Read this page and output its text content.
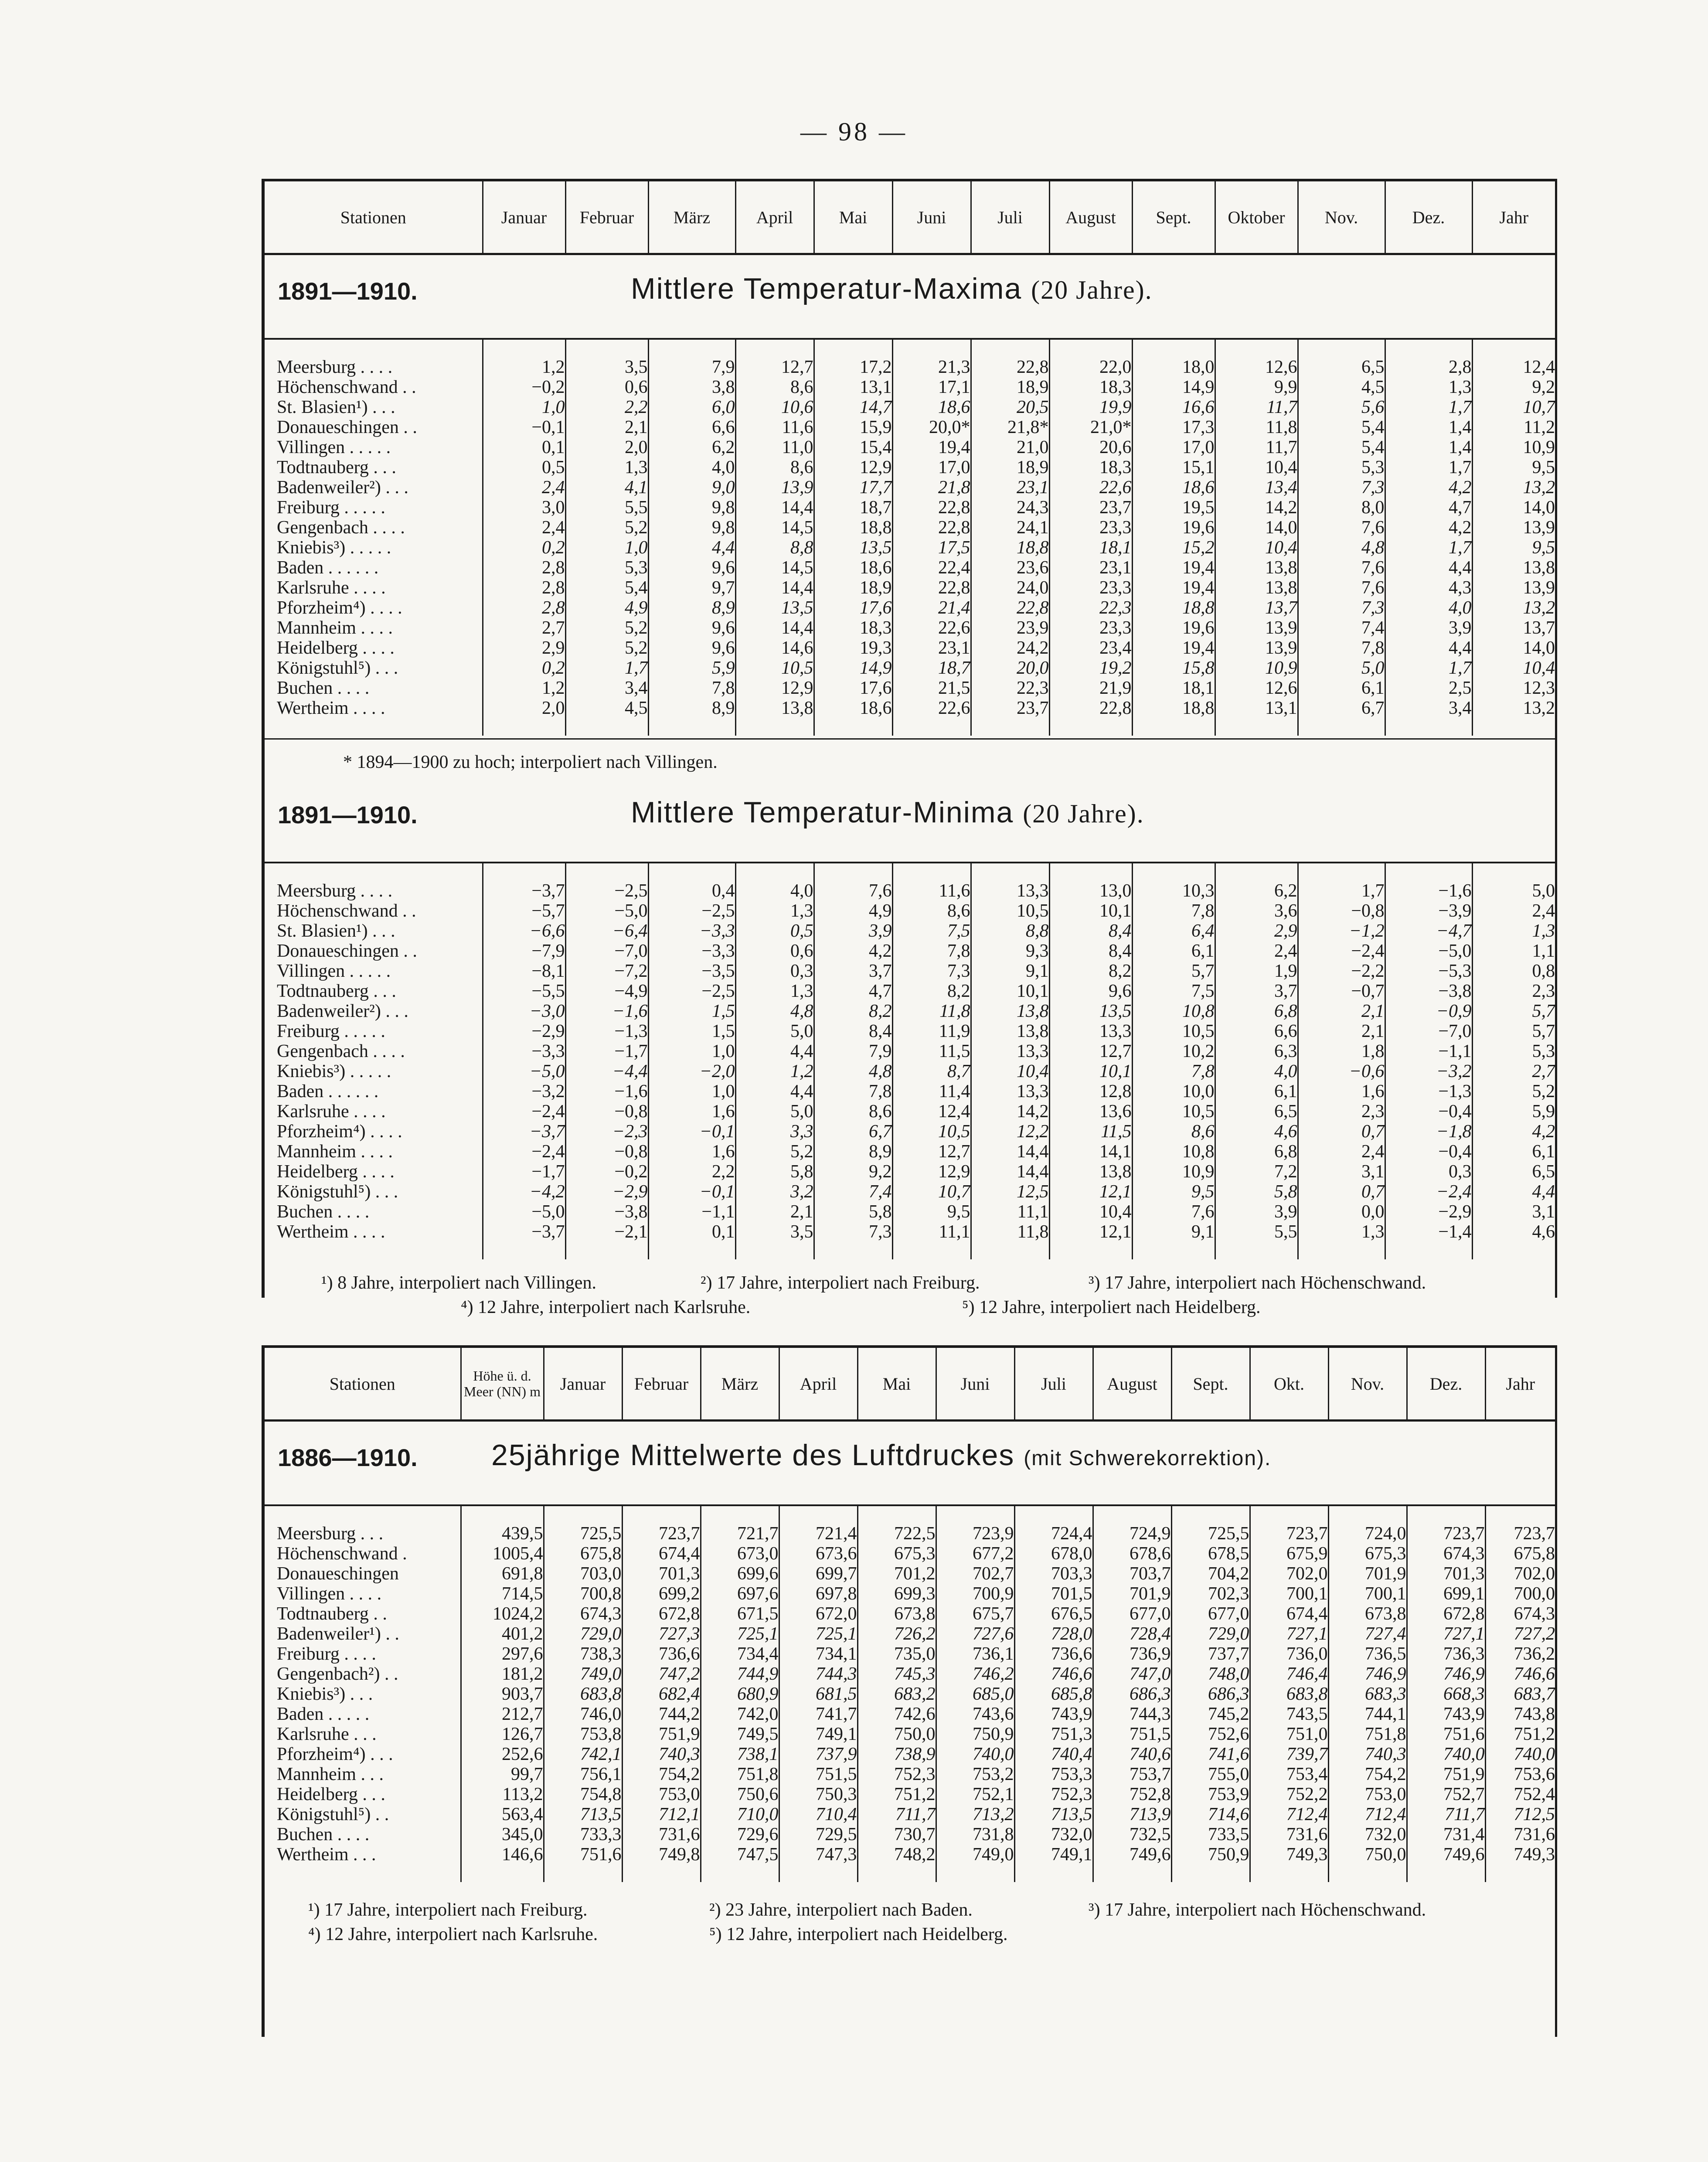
— 98 —
Stationen	Januar	Februar	März	April	Mai	Juni	Juli	August	Sept.	Oktober	Nov.	Dez.	Jahr
1891—1910.	Mittlere Temperatur-Maxima (20 Jahre).

Meersburg . . . .	1,2	3,5	7,9	12,7	17,2	21,3	22,8	22,0	18,0	12,6	6,5	2,8	12,4
Höchenschwand . .	−0,2	0,6	3,8	8,6	13,1	17,1	18,9	18,3	14,9	9,9	4,5	1,3	9,2
St. Blasien¹) . . .	1,0	2,2	6,0	10,6	14,7	18,6	20,5	19,9	16,6	11,7	5,6	1,7	10,7
Donaueschingen . .	−0,1	2,1	6,6	11,6	15,9	20,0*	21,8*	21,0*	17,3	11,8	5,4	1,4	11,2
Villingen . . . . .	0,1	2,0	6,2	11,0	15,4	19,4	21,0	20,6	17,0	11,7	5,4	1,4	10,9
Todtnauberg . . .	0,5	1,3	4,0	8,6	12,9	17,0	18,9	18,3	15,1	10,4	5,3	1,7	9,5
Badenweiler²) . . .	2,4	4,1	9,0	13,9	17,7	21,8	23,1	22,6	18,6	13,4	7,3	4,2	13,2
Freiburg . . . . .	3,0	5,5	9,8	14,4	18,7	22,8	24,3	23,7	19,5	14,2	8,0	4,7	14,0
Gengenbach . . . .	2,4	5,2	9,8	14,5	18,8	22,8	24,1	23,3	19,6	14,0	7,6	4,2	13,9
Kniebis³) . . . . .	0,2	1,0	4,4	8,8	13,5	17,5	18,8	18,1	15,2	10,4	4,8	1,7	9,5
Baden . . . . . .	2,8	5,3	9,6	14,5	18,6	22,4	23,6	23,1	19,4	13,8	7,6	4,4	13,8
Karlsruhe . . . .	2,8	5,4	9,7	14,4	18,9	22,8	24,0	23,3	19,4	13,8	7,6	4,3	13,9
Pforzheim⁴) . . . .	2,8	4,9	8,9	13,5	17,6	21,4	22,8	22,3	18,8	13,7	7,3	4,0	13,2
Mannheim . . . .	2,7	5,2	9,6	14,4	18,3	22,6	23,9	23,3	19,6	13,9	7,4	3,9	13,7
Heidelberg . . . .	2,9	5,2	9,6	14,6	19,3	23,1	24,2	23,4	19,4	13,9	7,8	4,4	14,0
Königstuhl⁵) . . .	0,2	1,7	5,9	10,5	14,9	18,7	20,0	19,2	15,8	10,9	5,0	1,7	10,4
Buchen . . . .	1,2	3,4	7,8	12,9	17,6	21,5	22,3	21,9	18,1	12,6	6,1	2,5	12,3
Wertheim . . . .	2,0	4,5	8,9	13,8	18,6	22,6	23,7	22,8	18,8	13,1	6,7	3,4	13,2

* 1894—1900 zu hoch; interpoliert nach Villingen.
1891—1910.	Mittlere Temperatur-Minima (20 Jahre).

Meersburg . . . .	−3,7	−2,5	0,4	4,0	7,6	11,6	13,3	13,0	10,3	6,2	1,7	−1,6	5,0
Höchenschwand . .	−5,7	−5,0	−2,5	1,3	4,9	8,6	10,5	10,1	7,8	3,6	−0,8	−3,9	2,4
St. Blasien¹) . . .	−6,6	−6,4	−3,3	0,5	3,9	7,5	8,8	8,4	6,4	2,9	−1,2	−4,7	1,3
Donaueschingen . .	−7,9	−7,0	−3,3	0,6	4,2	7,8	9,3	8,4	6,1	2,4	−2,4	−5,0	1,1
Villingen . . . . .	−8,1	−7,2	−3,5	0,3	3,7	7,3	9,1	8,2	5,7	1,9	−2,2	−5,3	0,8
Todtnauberg . . .	−5,5	−4,9	−2,5	1,3	4,7	8,2	10,1	9,6	7,5	3,7	−0,7	−3,8	2,3
Badenweiler²) . . .	−3,0	−1,6	1,5	4,8	8,2	11,8	13,8	13,5	10,8	6,8	2,1	−0,9	5,7
Freiburg . . . . .	−2,9	−1,3	1,5	5,0	8,4	11,9	13,8	13,3	10,5	6,6	2,1	−7,0	5,7
Gengenbach . . . .	−3,3	−1,7	1,0	4,4	7,9	11,5	13,3	12,7	10,2	6,3	1,8	−1,1	5,3
Kniebis³) . . . . .	−5,0	−4,4	−2,0	1,2	4,8	8,7	10,4	10,1	7,8	4,0	−0,6	−3,2	2,7
Baden . . . . . .	−3,2	−1,6	1,0	4,4	7,8	11,4	13,3	12,8	10,0	6,1	1,6	−1,3	5,2
Karlsruhe . . . .	−2,4	−0,8	1,6	5,0	8,6	12,4	14,2	13,6	10,5	6,5	2,3	−0,4	5,9
Pforzheim⁴) . . . .	−3,7	−2,3	−0,1	3,3	6,7	10,5	12,2	11,5	8,6	4,6	0,7	−1,8	4,2
Mannheim . . . .	−2,4	−0,8	1,6	5,2	8,9	12,7	14,4	14,1	10,8	6,8	2,4	−0,4	6,1
Heidelberg . . . .	−1,7	−0,2	2,2	5,8	9,2	12,9	14,4	13,8	10,9	7,2	3,1	0,3	6,5
Königstuhl⁵) . . .	−4,2	−2,9	−0,1	3,2	7,4	10,7	12,5	12,1	9,5	5,8	0,7	−2,4	4,4
Buchen . . . .	−5,0	−3,8	−1,1	2,1	5,8	9,5	11,1	10,4	7,6	3,9	0,0	−2,9	3,1
Wertheim . . . .	−3,7	−2,1	0,1	3,5	7,3	11,1	11,8	12,1	9,1	5,5	1,3	−1,4	4,6

¹) 8 Jahre, interpoliert nach Villingen.	²) 17 Jahre, interpoliert nach Freiburg.	³) 17 Jahre, interpoliert nach Höchenschwand.
⁴) 12 Jahre, interpoliert nach Karlsruhe.	⁵) 12 Jahre, interpoliert nach Heidelberg.
Stationen	Höhe ü. d. Meer (NN) m	Januar	Februar	März	April	Mai	Juni	Juli	August	Sept.	Okt.	Nov.	Dez.	Jahr
1886—1910. 25jährige Mittelwerte des Luftdruckes (mit Schwerekorrektion).

Meersburg . . .	439,5	725,5	723,7	721,7	721,4	722,5	723,9	724,4	724,9	725,5	723,7	724,0	723,7	723,7
Höchenschwand .	1005,4	675,8	674,4	673,0	673,6	675,3	677,2	678,0	678,6	678,5	675,9	675,3	674,3	675,8
Donaueschingen	691,8	703,0	701,3	699,6	699,7	701,2	702,7	703,3	703,7	704,2	702,0	701,9	701,3	702,0
Villingen . . . .	714,5	700,8	699,2	697,6	697,8	699,3	700,9	701,5	701,9	702,3	700,1	700,1	699,1	700,0
Todtnauberg . .	1024,2	674,3	672,8	671,5	672,0	673,8	675,7	676,5	677,0	677,0	674,4	673,8	672,8	674,3
Badenweiler¹) . .	401,2	729,0	727,3	725,1	725,1	726,2	727,6	728,0	728,4	729,0	727,1	727,4	727,1	727,2
Freiburg . . . .	297,6	738,3	736,6	734,4	734,1	735,0	736,1	736,6	736,9	737,7	736,0	736,5	736,3	736,2
Gengenbach²) . .	181,2	749,0	747,2	744,9	744,3	745,3	746,2	746,6	747,0	748,0	746,4	746,9	746,9	746,6
Kniebis³) . . .	903,7	683,8	682,4	680,9	681,5	683,2	685,0	685,8	686,3	686,3	683,8	683,3	668,3	683,7
Baden . . . . .	212,7	746,0	744,2	742,0	741,7	742,6	743,6	743,9	744,3	745,2	743,5	744,1	743,9	743,8
Karlsruhe . . .	126,7	753,8	751,9	749,5	749,1	750,0	750,9	751,3	751,5	752,6	751,0	751,8	751,6	751,2
Pforzheim⁴) . . .	252,6	742,1	740,3	738,1	737,9	738,9	740,0	740,4	740,6	741,6	739,7	740,3	740,0	740,0
Mannheim . . .	99,7	756,1	754,2	751,8	751,5	752,3	753,2	753,3	753,7	755,0	753,4	754,2	751,9	753,6
Heidelberg . . .	113,2	754,8	753,0	750,6	750,3	751,2	752,1	752,3	752,8	753,9	752,2	753,0	752,7	752,4
Königstuhl⁵) . .	563,4	713,5	712,1	710,0	710,4	711,7	713,2	713,5	713,9	714,6	712,4	712,4	711,7	712,5
Buchen . . . .	345,0	733,3	731,6	729,6	729,5	730,7	731,8	732,0	732,5	733,5	731,6	732,0	731,4	731,6
Wertheim . . .	146,6	751,6	749,8	747,5	747,3	748,2	749,0	749,1	749,6	750,9	749,3	750,0	749,6	749,3

¹) 17 Jahre, interpoliert nach Freiburg.	²) 23 Jahre, interpoliert nach Baden.	³) 17 Jahre, interpoliert nach Höchenschwand.
⁴) 12 Jahre, interpoliert nach Karlsruhe.	⁵) 12 Jahre, interpoliert nach Heidelberg.
